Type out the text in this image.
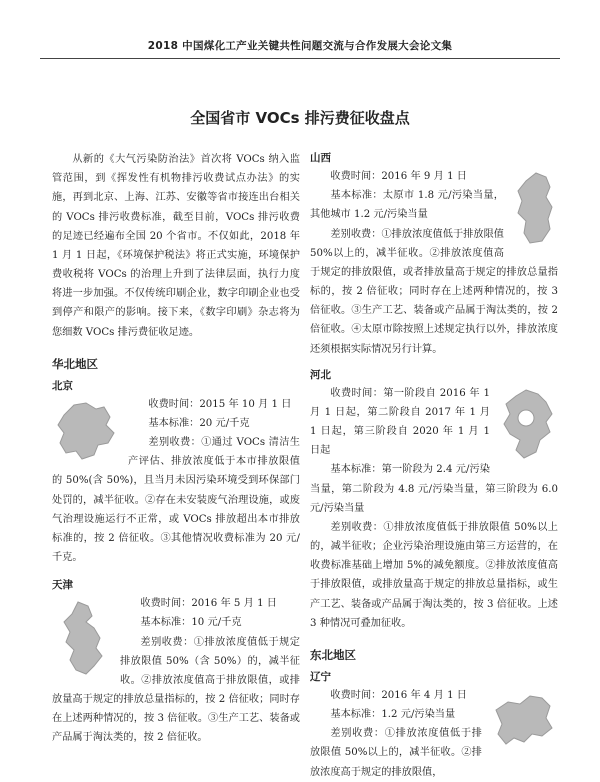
2018 中国煤化工产业关键共性问题交流与合作发展大会论文集
全国省市 VOCs 排污费征收盘点

从新的《大气污染防治法》首次将 VOCs 纳入监管范围，到《挥发性有机物排污收费试点办法》的实施，再到北京、上海、江苏、安徽等省市接连出台相关的 VOCs 排污收费标准，截至目前，VOCs 排污收费的足迹已经遍布全国 20 个省市。不仅如此，2018 年 1 月 1 日起，《环境保护税法》将正式实施，环境保护费收税将 VOCs 的治理上升到了法律层面，执行力度将进一步加强。不仅传统印刷企业，数字印刷企业也受到停产和限产的影响。接下来，《数字印刷》杂志将为您细数 VOCs 排污费征收足迹。

华北地区
北京

收费时间：2015 年 10 月 1 日

基本标准：20 元/千克

差别收费：①通过 VOCs 清洁生产评估、排放浓度低于本市排放限值的 50%(含 50%)，且当月未因污染环境受到环保部门处罚的，减半征收。②存在未安装废气治理设施，或废气治理设施运行不正常，或 VOCs 排放超出本市排放标准的，按 2 倍征收。③其他情况收费标准为 20 元/千克。

天津

收费时间：2016 年 5 月 1 日

基本标准：10 元/千克

差别收费：①排放浓度值低于规定排放限值 50%（含 50%）的，减半征收。②排放浓度值高于排放限值，或排放量高于规定的排放总量指标的，按 2 倍征收；同时存在上述两种情况的，按 3 倍征收。③生产工艺、装备或产品属于淘汰类的，按 2 倍征收。

山西

收费时间：2016 年 9 月 1 日

基本标准：太原市 1.8 元/污染当量，其他城市 1.2 元/污染当量

差别收费：①排放浓度值低于排放限值 50%以上的，减半征收。②排放浓度值高于规定的排放限值，或者排放量高于规定的排放总量指标的，按 2 倍征收；同时存在上述两种情况的，按 3 倍征收。③生产工艺、装备或产品属于淘汰类的，按 2 倍征收。④太原市除按照上述规定执行以外，排放浓度还须根据实际情况另行计算。

河北

收费时间：第一阶段自 2016 年 1 月 1 日起，第二阶段自 2017 年 1 月 1 日起，第三阶段自 2020 年 1 月 1 日起

基本标准：第一阶段为 2.4 元/污染当量，第二阶段为 4.8 元/污染当量，第三阶段为 6.0 元/污染当量

差别收费：①排放浓度值低于排放限值 50%以上的，减半征收；企业污染治理设施由第三方运营的，在收费标准基础上增加 5%的减免额度。②排放浓度值高于排放限值，或排放量高于规定的排放总量指标，或生产工艺、装备或产品属于淘汰类的，按 3 倍征收。上述 3 种情况可叠加征收。

东北地区
辽宁

收费时间：2016 年 4 月 1 日

基本标准：1.2 元/污染当量

差别收费：①排放浓度值低于排放限值 50%以上的，减半征收。②排放浓度高于规定的排放限值，
